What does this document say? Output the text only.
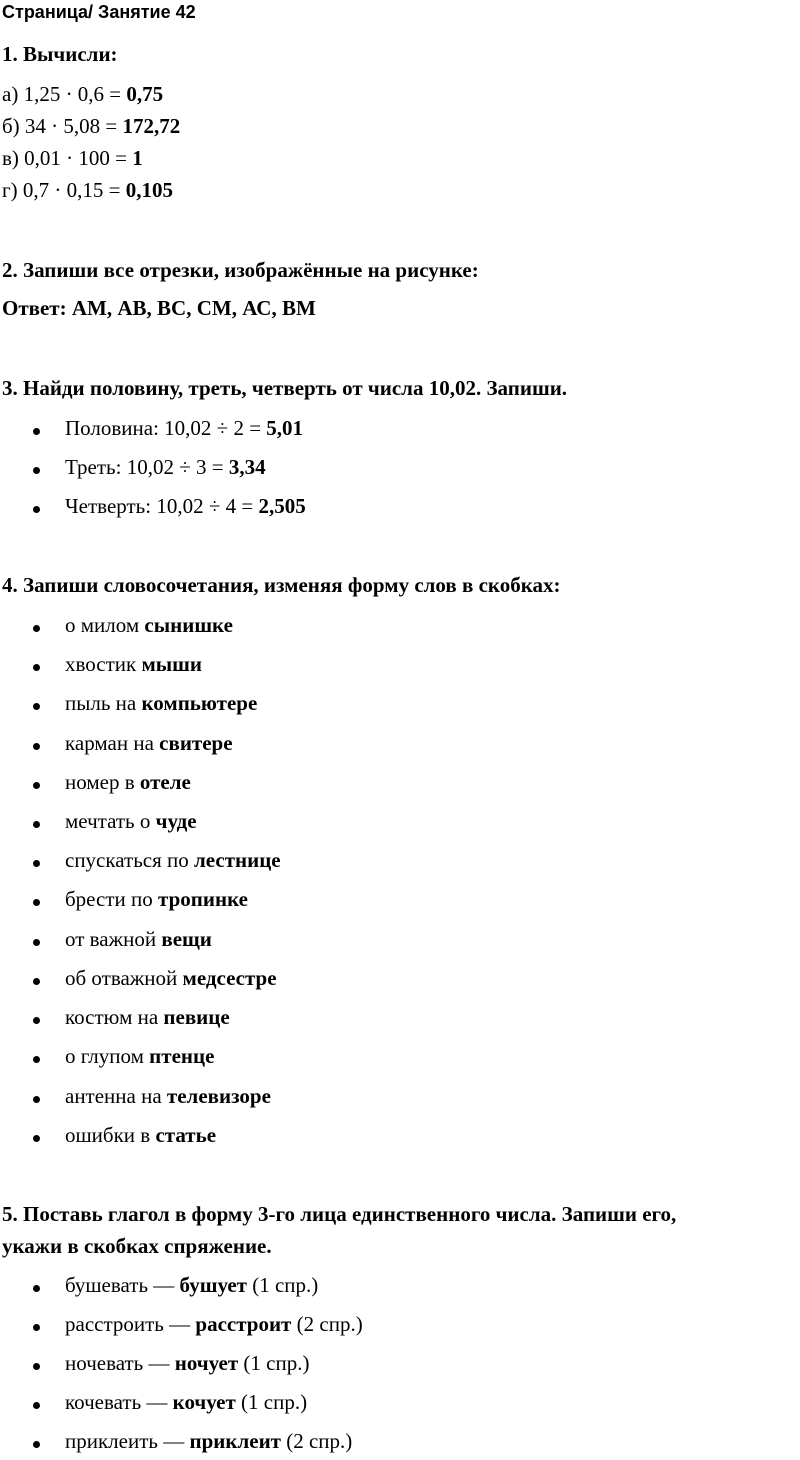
Страница/ Занятие 42
1. Вычисли:
а) 1,25 · 0,6 = 0,75
б) 34 · 5,08 = 172,72
в) 0,01 · 100 = 1
г) 0,7 · 0,15 = 0,105
2. Запиши все отрезки, изображённые на рисунке:
Ответ: АМ, АВ, ВС, СМ, АС, ВМ
3. Найди половину, треть, четверть от числа 10,02. Запиши.
Половина: 10,02 ÷ 2 = 5,01
Треть: 10,02 ÷ 3 = 3,34
Четверть: 10,02 ÷ 4 = 2,505
4. Запиши словосочетания, изменяя форму слов в скобках:
о милом сынишке
хвостик мыши
пыль на компьютере
карман на свитере
номер в отеле
мечтать о чуде
спускаться по лестнице
брести по тропинке
от важной вещи
об отважной медсестре
костюм на певице
о глупом птенце
антенна на телевизоре
ошибки в статье
5. Поставь глагол в форму 3-го лица единственного числа. Запиши его,
укажи в скобках спряжение.
бушевать — бушует (1 спр.)
расстроить — расстроит (2 спр.)
ночевать — ночует (1 спр.)
кочевать — кочует (1 спр.)
приклеить — приклеит (2 спр.)
